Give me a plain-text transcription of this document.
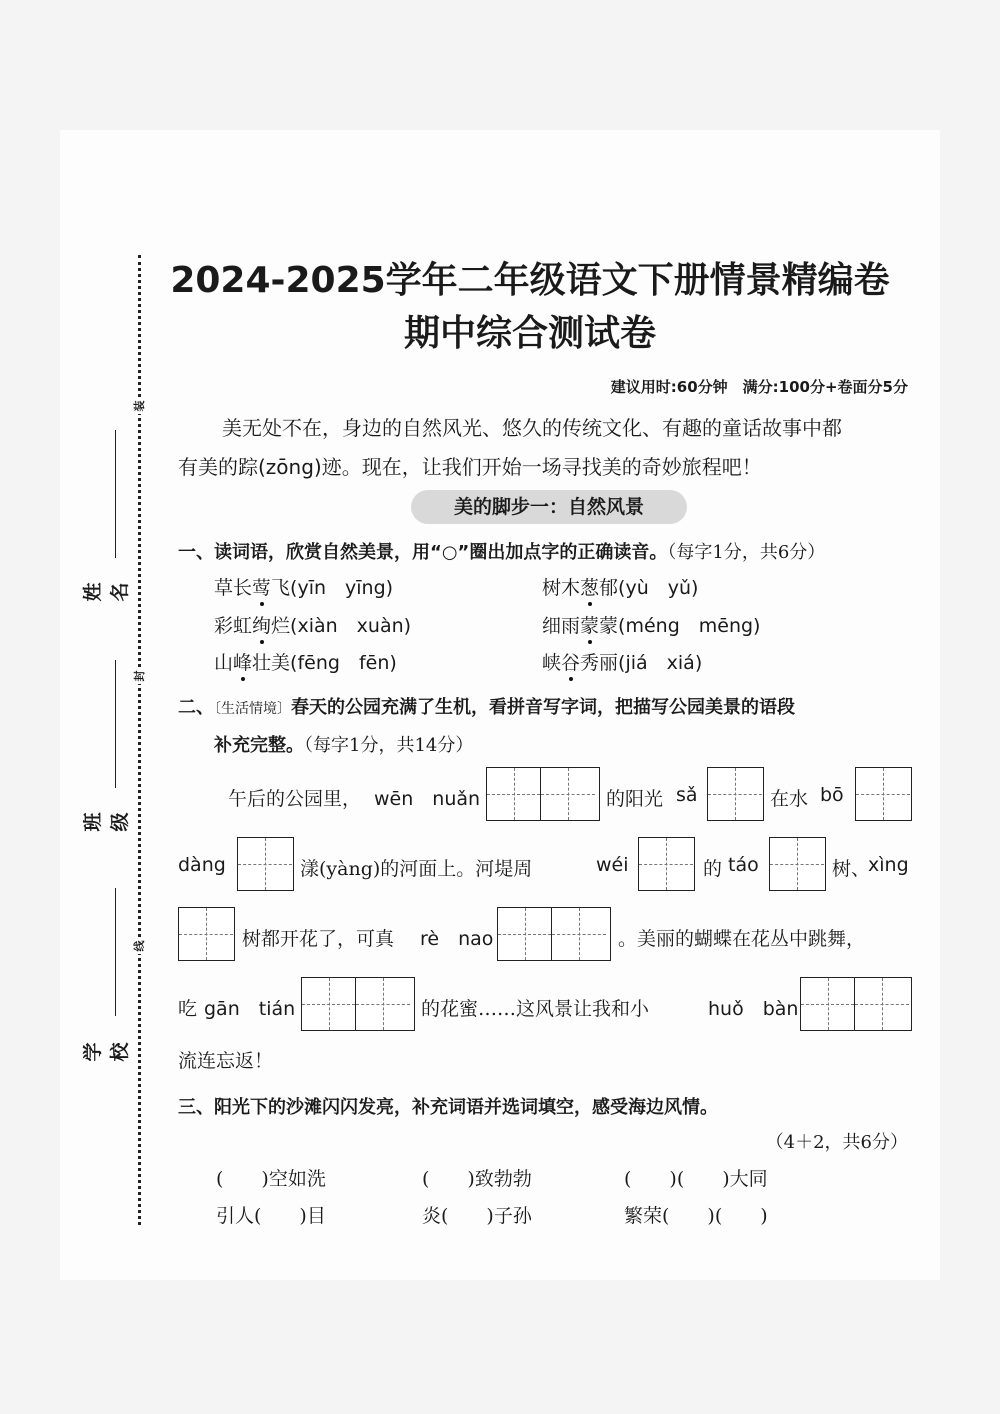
姓名
班级
学校
装
封
线
2024-2025学年二年级语文下册情景精编卷
期中综合测试卷
建议用时:60分钟　满分:100分+卷面分5分
美无处不在，身边的自然风光、悠久的传统文化、有趣的童话故事中都
有美的踪(zōng)迹。现在，让我们开始一场寻找美的奇妙旅程吧！
美的脚步一：自然风景
一、读词语，欣赏自然美景，用“○”圈出加点字的正确读音。（每字1分，共6分）
草长莺飞(yīn　yīng)	树木葱郁(yù　yǔ)
彩虹绚烂(xiàn　xuàn)	细雨蒙蒙(méng　mēng)
山峰壮美(fēng　fēn)	峡谷秀丽(jiá　xiá)
二、〔生活情境〕春天的公园充满了生机，看拼音写字词，把描写公园美景的语段
补充完整。（每字1分，共14分）
午后的公园里， wēn　nuǎn	的阳光 sǎ	在水 bō
dàng	漾(yàng)的河面上。河堤周	wéi	的 táo	树、
xìng
树都开花了，可真 rè　nao	。美丽的蝴蝶在花丛中跳舞，
吃 gān　tián	的花蜜……这风景让我和小	huǒ　bàn
流连忘返！
三、阳光下的沙滩闪闪发亮，补充词语并选词填空，感受海边风情。
（4＋2，共6分）
(　　)空如洗	(　　)致勃勃	(　　)(　　)大同
引人(　　)目	炎(　　)子孙	繁荣(　　)(　　)
